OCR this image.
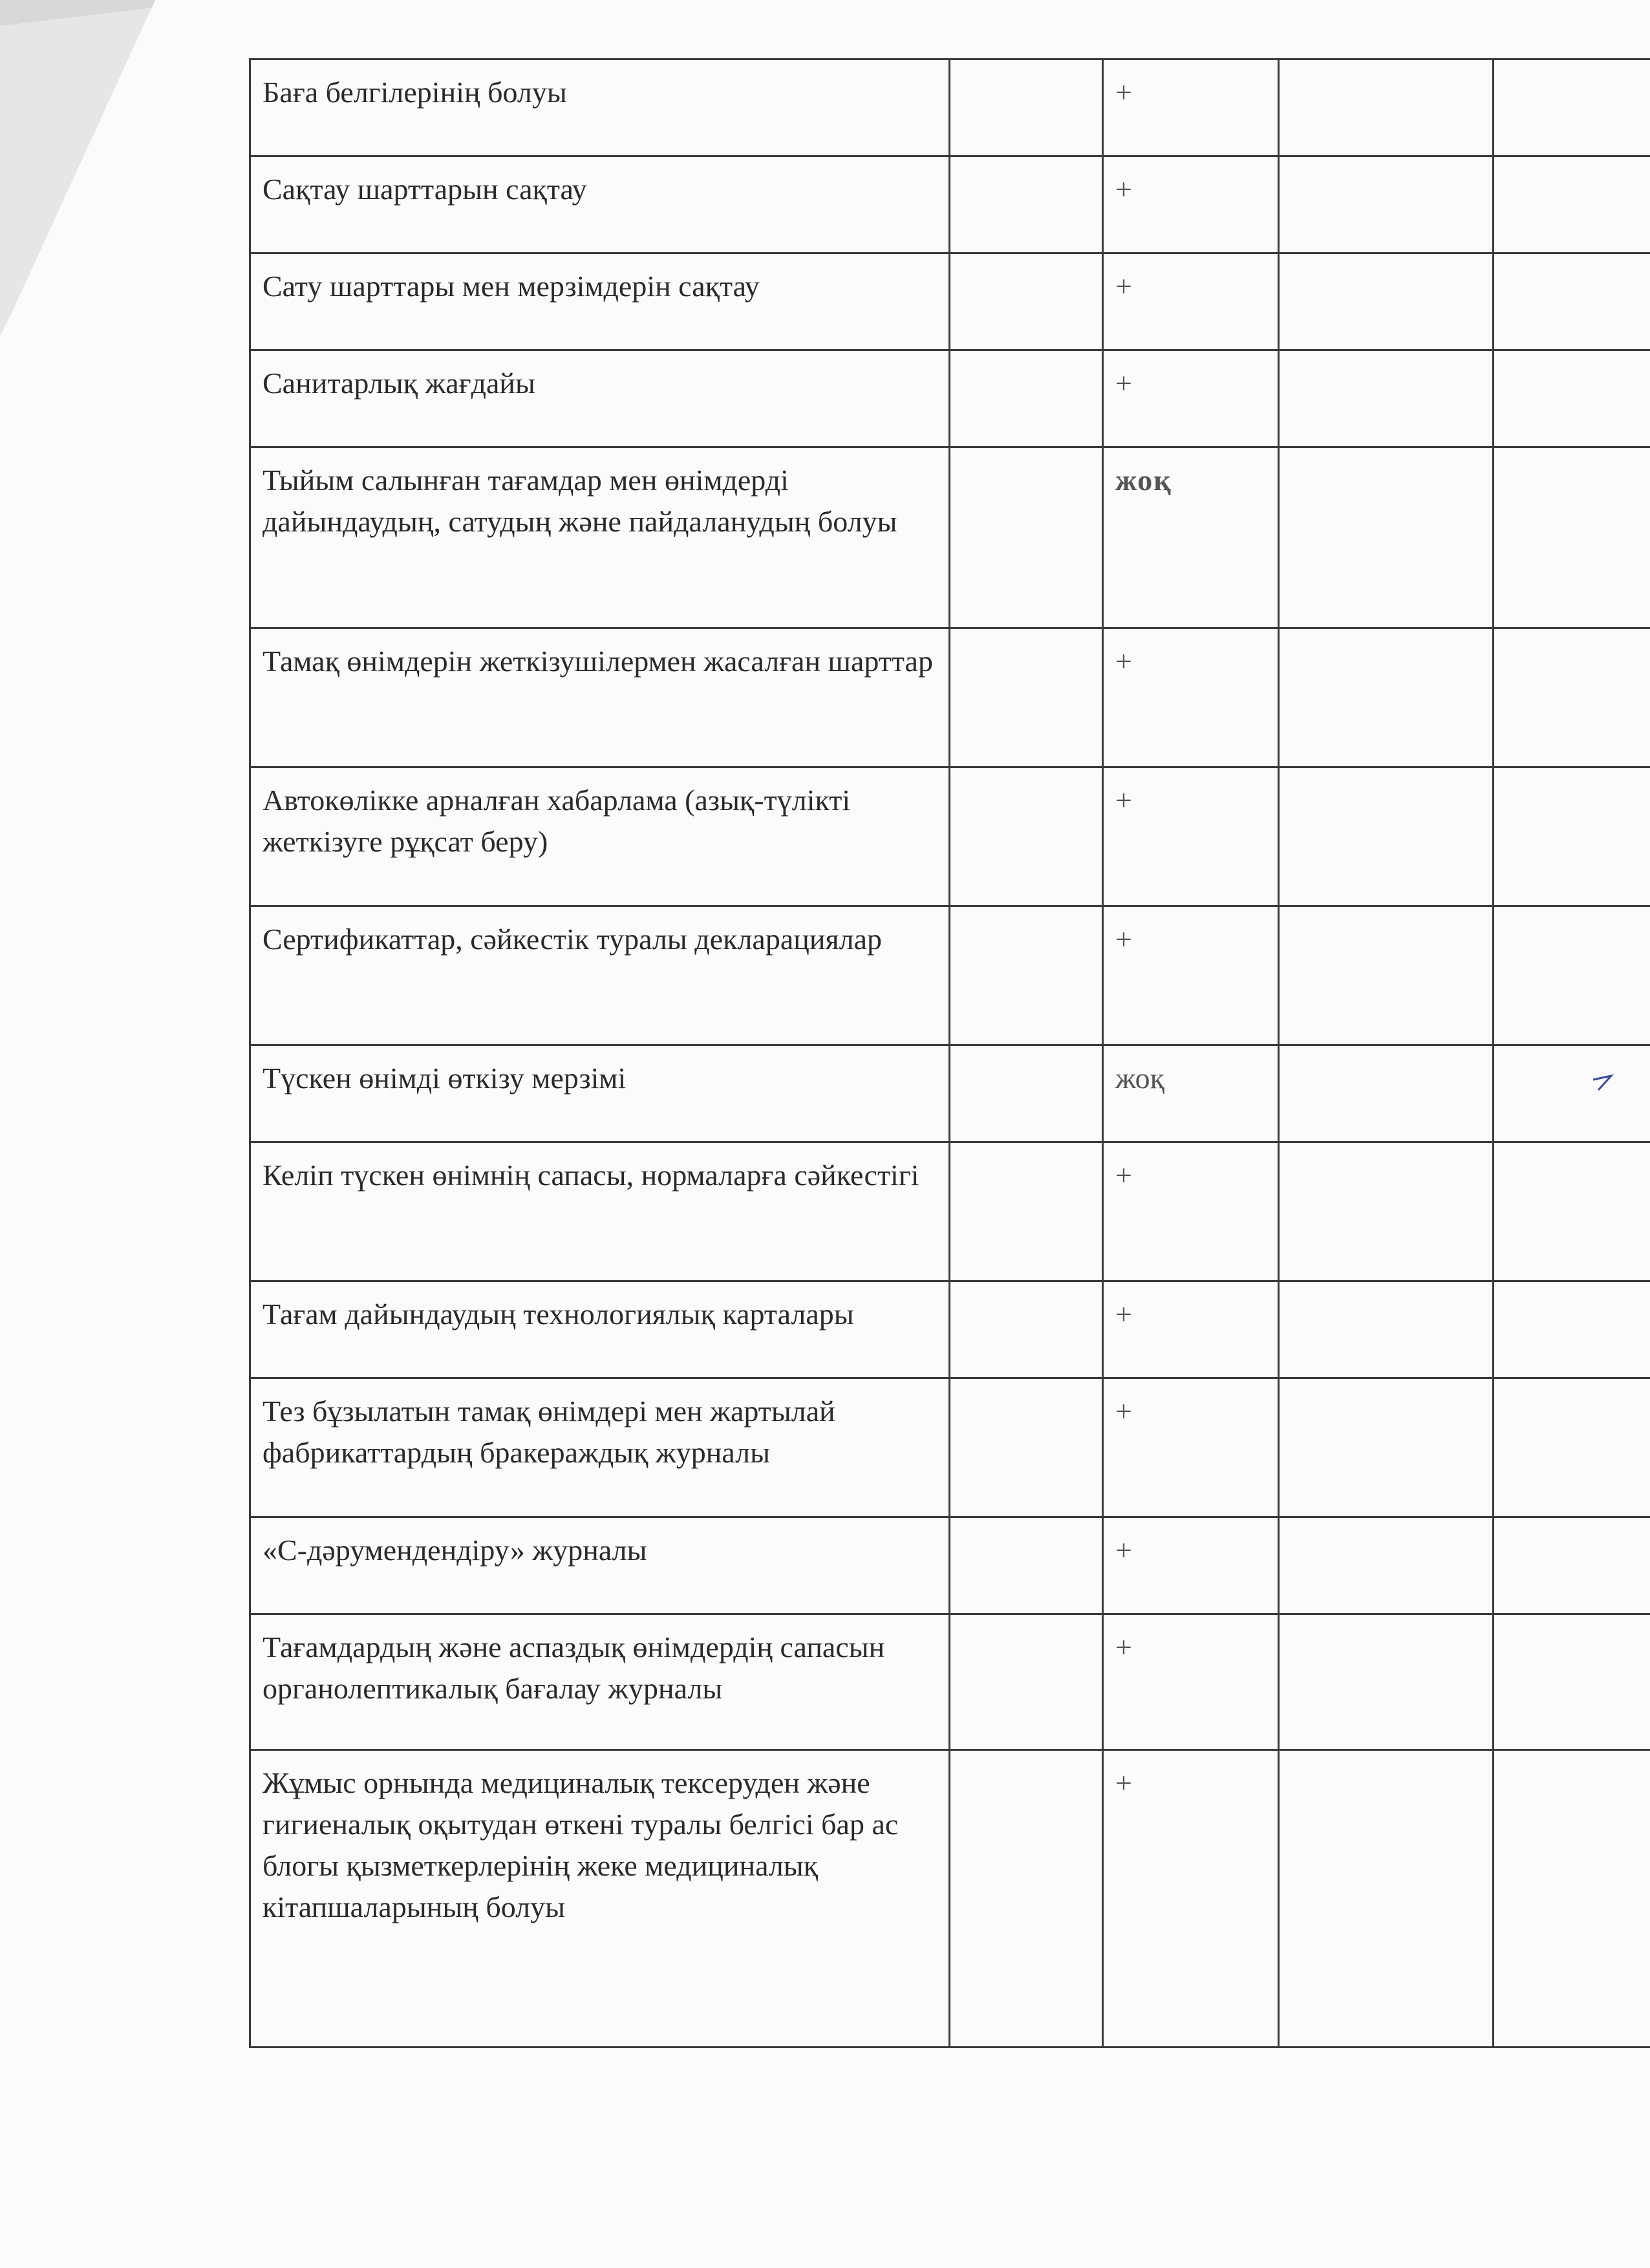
Баға белгілерінің болуы		+		
Сақтау шарттарын сақтау		+		
Сату шарттары мен мерзімдерін сақтау		+		
Санитарлық жағдайы		+		
Тыйым салынған тағамдар мен өнімдерді дайындаудың, сатудың және пайдаланудың болуы		жоқ		
Тамақ өнімдерін жеткізушілермен жасалған шарттар		+		
Автокөлікке арналған хабарлама (азық-түлікті жеткізуге рұқсат беру)		+		
Сертификаттар, сәйкестік туралы декларациялар		+		
Түскен өнімді өткізу мерзімі		жоқ		
Келіп түскен өнімнің сапасы, нормаларға сәйкестігі		+		
Тағам дайындаудың технологиялық карталары		+		
Тез бұзылатын тамақ өнімдері мен жартылай фабрикаттардың бракераждық журналы		+		
«С-дәрумендендіру» журналы		+		
Тағамдардың және аспаздық өнімдердің сапасын органолептикалық бағалау журналы		+		
Жұмыс орнында медициналық тексеруден және гигиеналық оқытудан өткені туралы белгісі бар ас блогы қызметкерлерінің жеке медициналық кітапшаларының болуы		+		
